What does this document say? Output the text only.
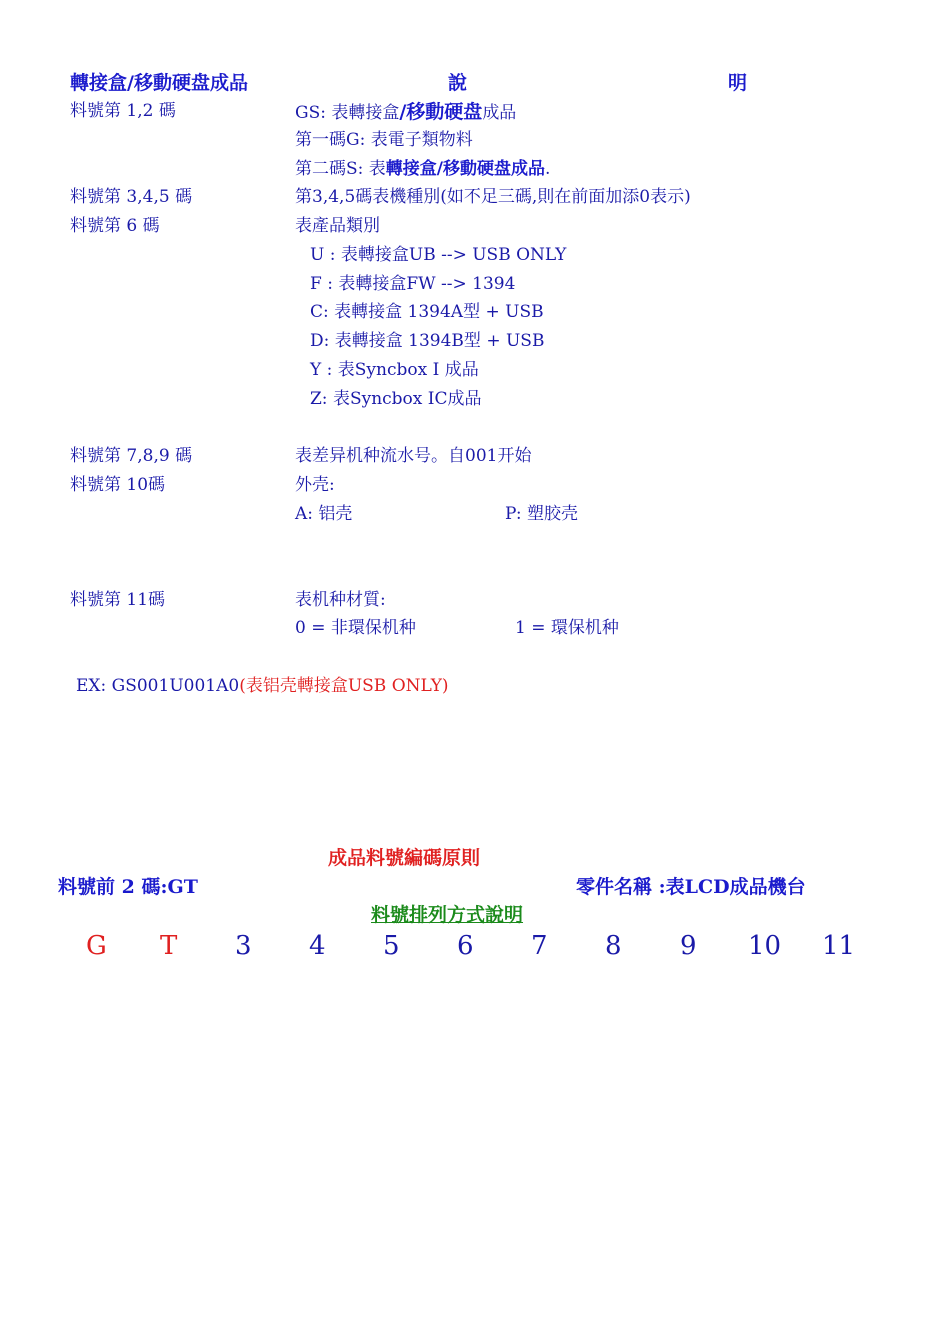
轉接盒/移動硬盘成品	說	明
料號第 1,2 碼	GS: 表轉接盒/移動硬盘成品
第一碼G: 表電子類物料
第二碼S: 表轉接盒/移動硬盘成品.
料號第 3,4,5 碼	第3,4,5碼表機種別(如不足三碼,則在前面加添0表示)
料號第 6 碼	表產品類別
U : 表轉接盒UB --> USB ONLY
F : 表轉接盒FW --> 1394
C: 表轉接盒 1394A型 + USB
D: 表轉接盒 1394B型 + USB
Y : 表Syncbox I 成品
Z: 表Syncbox IC成品
料號第 7,8,9 碼	表差异机种流水号。自001开始
料號第 10碼	外壳:
A: 铝壳	P: 塑胶壳
料號第 11碼	表机种材質:
0 = 非環保机种	1 = 環保机种
EX: GS001U001A0(表铝壳轉接盒USB ONLY)
成品料號編碼原則
料號前 2 碼:GT	零件名稱 :表LCD成品機台
料號排列方式說明
G T 3 4 5 6 7 8 9 10 11
